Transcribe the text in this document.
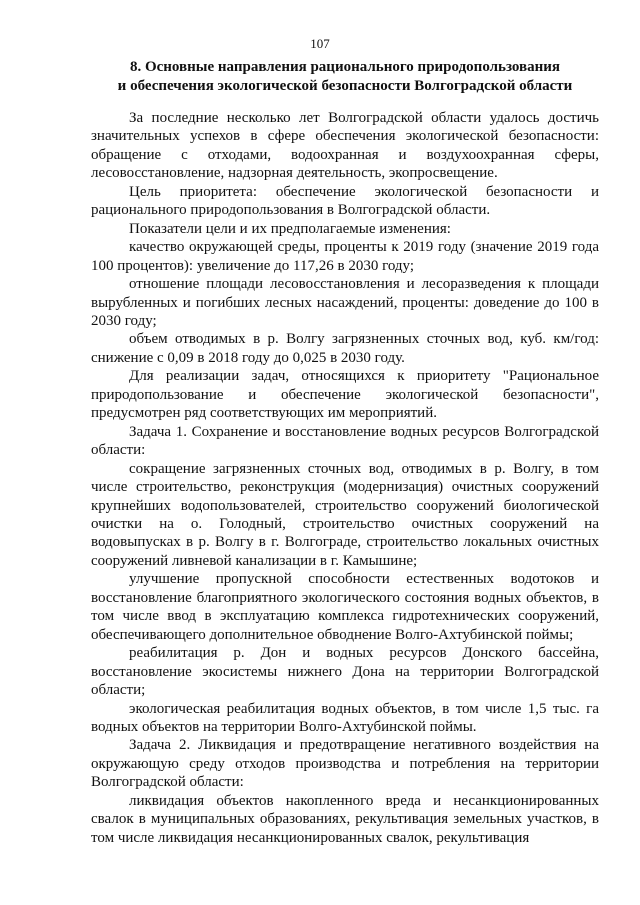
107
8. Основные направления рационального природопользования
и обеспечения экологической безопасности Волгоградской области

За последние несколько лет Волгоградской области удалось достичь значительных успехов в сфере обеспечения экологической безопасности: обращение с отходами, водоохранная и воздухоохранная сферы, лесовосстановление, надзорная деятельность, экопросвещение.

Цель приоритета: обеспечение экологической безопасности и рационального природопользования в Волгоградской области.

Показатели цели и их предполагаемые изменения:

качество окружающей среды, проценты к 2019 году (значение 2019 года 100 процентов): увеличение до 117,26 в 2030 году;

отношение площади лесовосстановления и лесоразведения к площади вырубленных и погибших лесных насаждений, проценты: доведение до 100 в 2030 году;

объем отводимых в р. Волгу загрязненных сточных вод, куб. км/год: снижение с 0,09 в 2018 году до 0,025 в 2030 году.

Для реализации задач, относящихся к приоритету "Рациональное природопользование и обеспечение экологической безопасности", предусмотрен ряд соответствующих им мероприятий.

Задача 1. Сохранение и восстановление водных ресурсов Волгоградской области:

сокращение загрязненных сточных вод, отводимых в р. Волгу, в том числе строительство, реконструкция (модернизация) очистных сооружений крупнейших водопользователей, строительство сооружений биологической очистки на о. Голодный, строительство очистных сооружений на водовыпусках в р. Волгу в г. Волгограде, строительство локальных очистных сооружений ливневой канализации в г. Камышине;

улучшение пропускной способности естественных водотоков и восстановление благоприятного экологического состояния водных объектов, в том числе ввод в эксплуатацию комплекса гидротехнических сооружений, обеспечивающего дополнительное обводнение Волго-Ахтубинской поймы;

реабилитация р. Дон и водных ресурсов Донского бассейна, восстановление экосистемы нижнего Дона на территории Волгоградской области;

экологическая реабилитация водных объектов, в том числе 1,5 тыс. га водных объектов на территории Волго-Ахтубинской поймы.

Задача 2. Ликвидация и предотвращение негативного воздействия на окружающую среду отходов производства и потребления на территории Волгоградской области:

ликвидация объектов накопленного вреда и несанкционированных свалок в муниципальных образованиях, рекультивация земельных участков, в том числе ликвидация несанкционированных свалок, рекультивация
